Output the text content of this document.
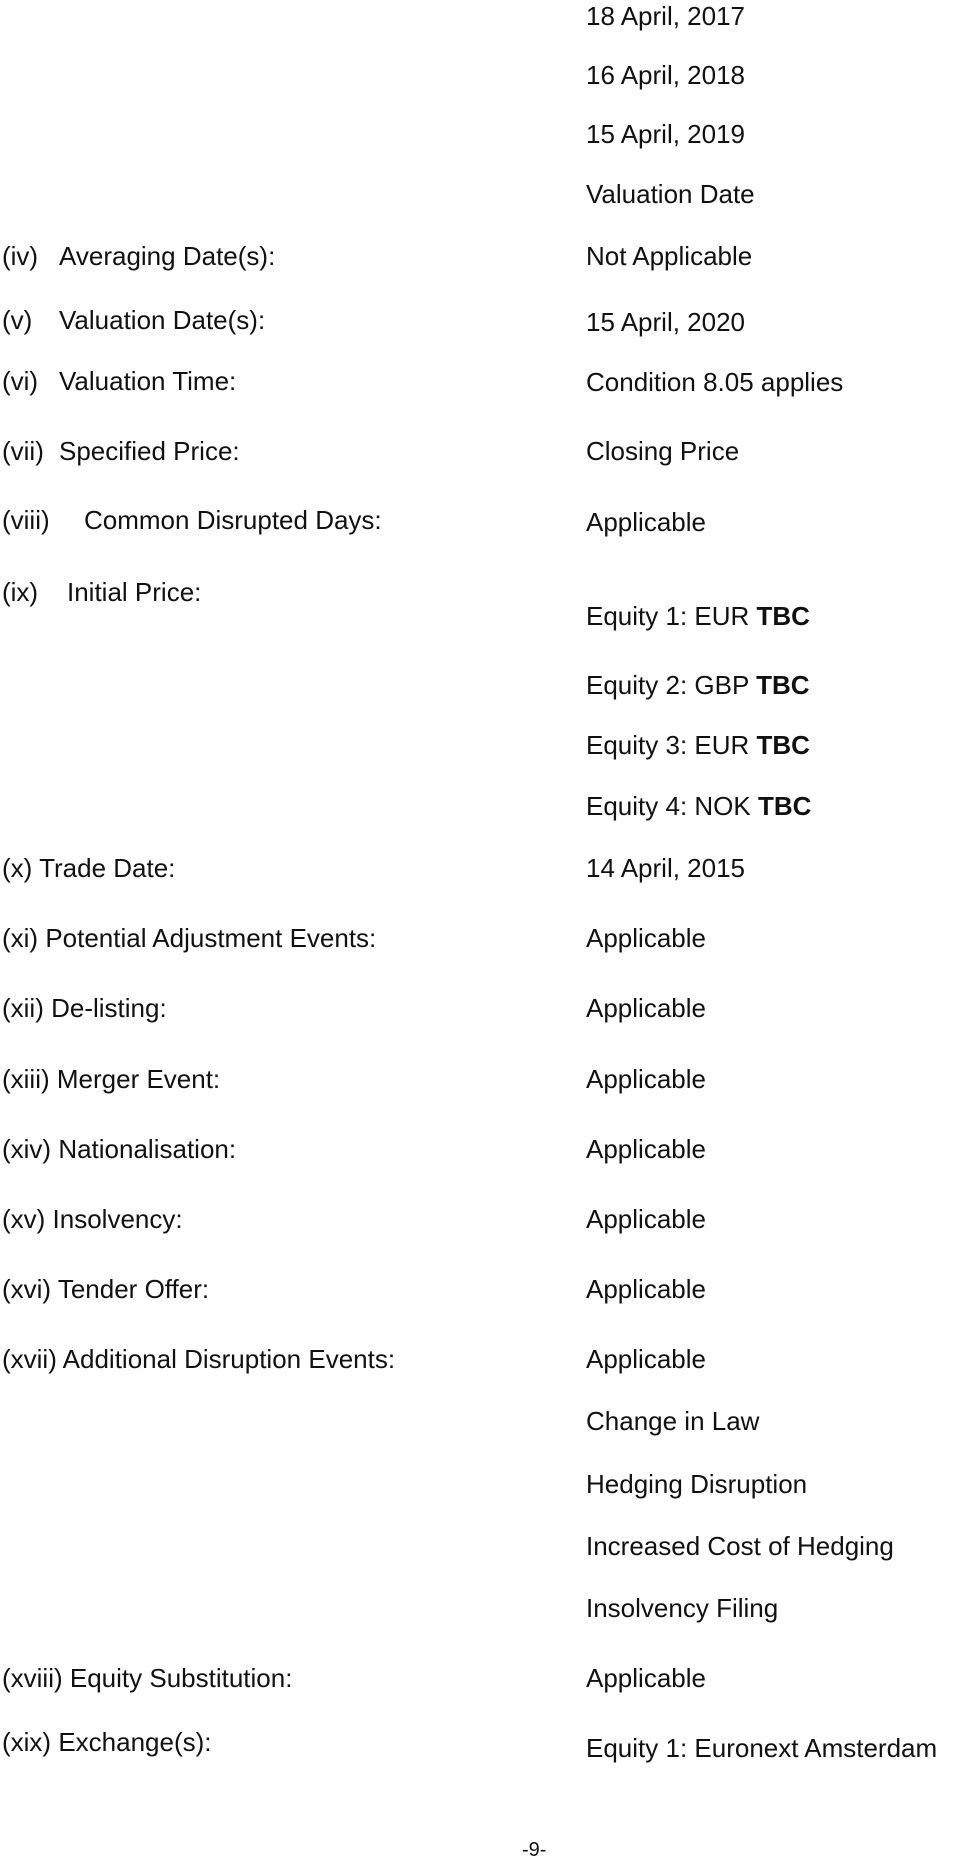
18 April, 2017
16 April, 2018
15 April, 2019
Valuation Date
(iv) Averaging Date(s):	Not Applicable
(v) Valuation Date(s):	15 April, 2020
(vi) Valuation Time:	Condition 8.05 applies
(vii) Specified Price:	Closing Price
(viii) Common Disrupted Days:	Applicable
(ix) Initial Price:
Equity 1: EUR TBC
Equity 2: GBP TBC
Equity 3: EUR TBC
Equity 4: NOK TBC
(x) Trade Date:	14 April, 2015
(xi) Potential Adjustment Events:	Applicable
(xii) De-listing:	Applicable
(xiii) Merger Event:	Applicable
(xiv) Nationalisation:	Applicable
(xv) Insolvency:	Applicable
(xvi) Tender Offer:	Applicable
(xvii) Additional Disruption Events:	Applicable
Change in Law
Hedging Disruption
Increased Cost of Hedging
Insolvency Filing
(xviii) Equity Substitution:	Applicable
(xix) Exchange(s):	Equity 1: Euronext Amsterdam
-9-
